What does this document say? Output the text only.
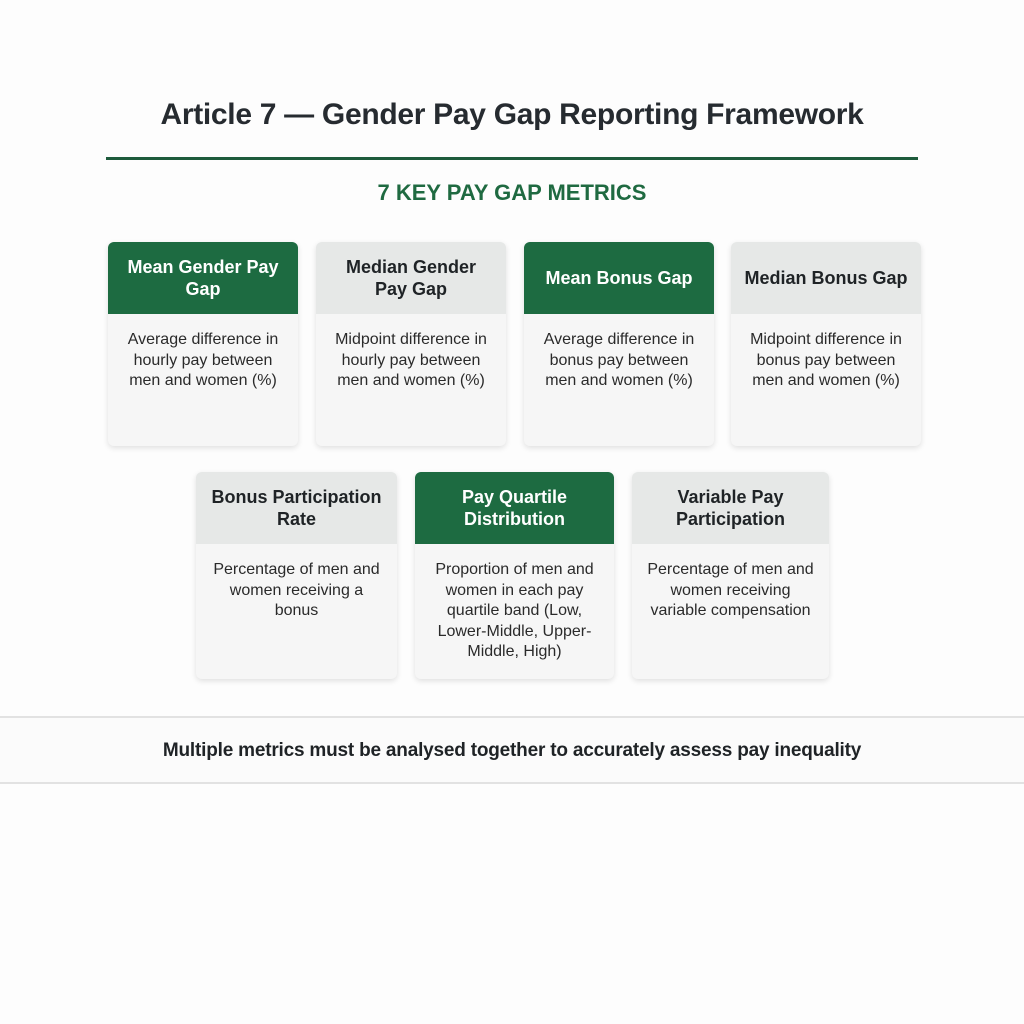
Article 7 — Gender Pay Gap Reporting Framework
7 KEY PAY GAP METRICS
Mean Gender Pay Gap
Average difference in hourly pay between men and women (%)
Median Gender Pay Gap
Midpoint difference in hourly pay between men and women (%)
Mean Bonus Gap
Average difference in bonus pay between men and women (%)
Median Bonus Gap
Midpoint difference in bonus pay between men and women (%)
Bonus Participation Rate
Percentage of men and women receiving a bonus
Pay Quartile Distribution
Proportion of men and women in each pay quartile band (Low, Lower-Middle, Upper-Middle, High)
Variable Pay Participation
Percentage of men and women receiving variable compensation
Multiple metrics must be analysed together to accurately assess pay inequality
